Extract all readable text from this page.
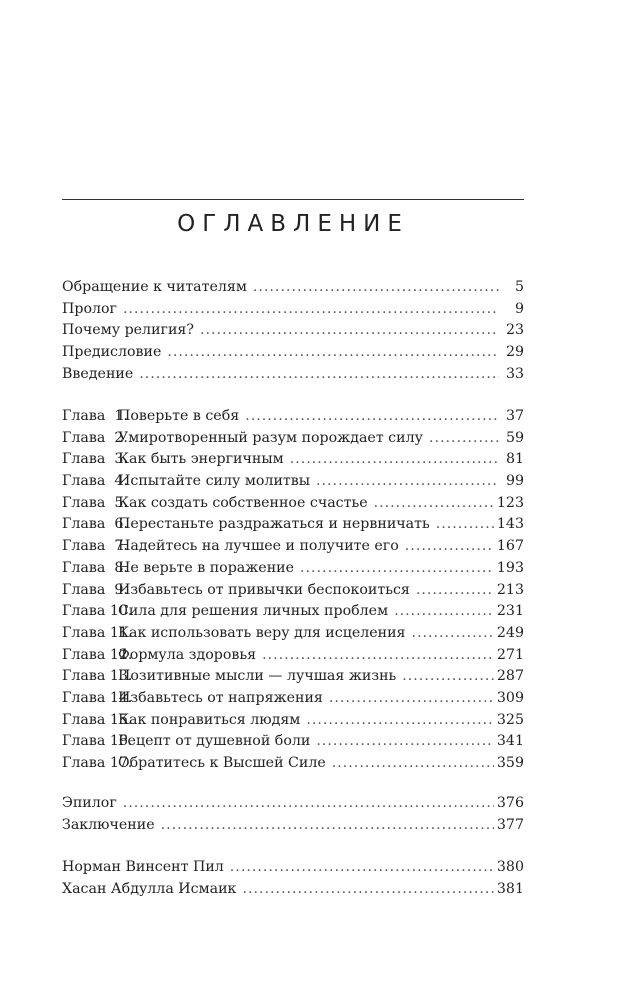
ОГЛАВЛЕНИЕ
Обращение к читателям .....	5
Пролог .....	9
Почему религия? .....	23
Предисловие .....	29
Введение .....	33
Глава  1.Поверьте в себя .....	37
Глава  2.Умиротворенный разум порождает силу .....	59
Глава  3.Как быть энергичным .....	81
Глава  4.Испытайте силу молитвы .....	99
Глава  5.Как создать собственное счастье .....	123
Глава  6.Перестаньте раздражаться и нервничать .....	143
Глава  7.Надейтесь на лучшее и получите его .....	167
Глава  8.Не верьте в поражение .....	193
Глава  9.Избавьтесь от привычки беспокоиться .....	213
Глава 10.Сила для решения личных проблем .....	231
Глава 11.Как использовать веру для исцеления .....	249
Глава 12.Формула здоровья .....	271
Глава 13.Позитивные мысли — лучшая жизнь .....	287
Глава 14.Избавьтесь от напряжения .....	309
Глава 15.Как понравиться людям .....	325
Глава 16.Рецепт от душевной боли .....	341
Глава 17.Обратитесь к Высшей Силе .....	359
Эпилог .....	376
Заключение .....	377
Норман Винсент Пил .....	380
Хасан Абдулла Исмаик .....	381
